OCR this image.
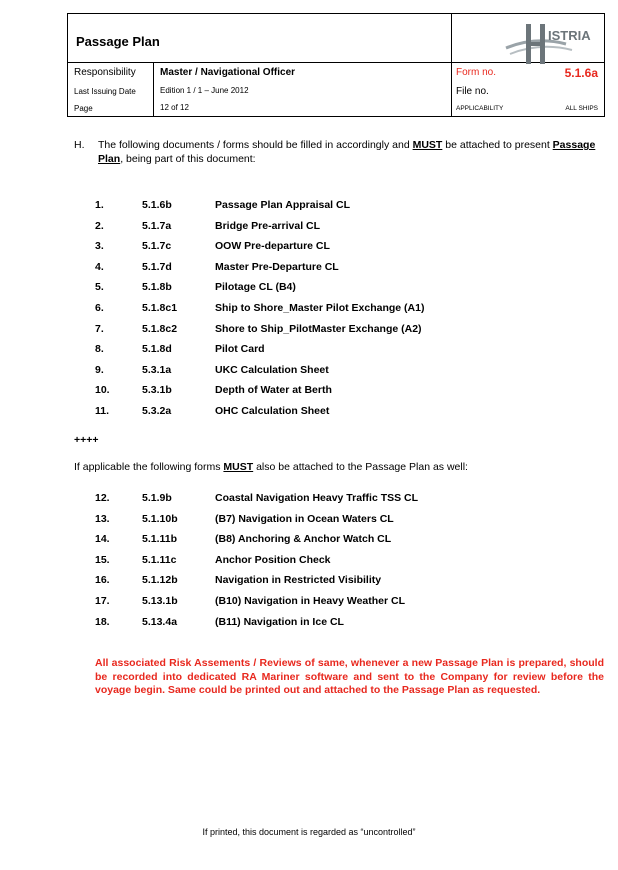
Passage Plan	ISTRIA
Responsibility Master / Navigational Officer
Last Issuing Date	Edition 1 / 1 – June 2012
Page	12 of 12
Form no.	5.1.6a
File no.
APPLICABILITY	ALL SHIPS
H. The following documents / forms should be filled in accordingly and MUST be attached to present Passage Plan, being part of this document:
1.	5.1.6b	Passage Plan Appraisal CL
2.	5.1.7a	Bridge Pre-arrival CL
3.	5.1.7c	OOW Pre-departure CL
4.	5.1.7d	Master Pre-Departure CL
5.	5.1.8b	Pilotage CL (B4)
6.	5.1.8c1	Ship to Shore_Master Pilot Exchange (A1)
7.	5.1.8c2	Shore to Ship_PilotMaster Exchange (A2)
8.	5.1.8d	Pilot Card
9.	5.3.1a	UKC Calculation Sheet
10.	5.3.1b	Depth of Water at Berth
11.	5.3.2a	OHC Calculation Sheet
++++
If applicable the following forms MUST also be attached to the Passage Plan as well:
12.	5.1.9b	Coastal Navigation Heavy Traffic TSS CL
13.	5.1.10b	(B7) Navigation in Ocean Waters CL
14.	5.1.11b	(B8) Anchoring & Anchor Watch CL
15.	5.1.11c	Anchor Position Check
16.	5.1.12b	Navigation in Restricted Visibility
17.	5.13.1b	(B10) Navigation in Heavy Weather CL
18.	5.13.4a	(B11) Navigation in Ice CL
All associated Risk Assements / Reviews of same, whenever a new Passage Plan is prepared, should be recorded into dedicated RA Mariner software and sent to the Company for review before the voyage begin. Same could be printed out and attached to the Passage Plan as requested.
If printed, this document is regarded as “uncontrolled”
